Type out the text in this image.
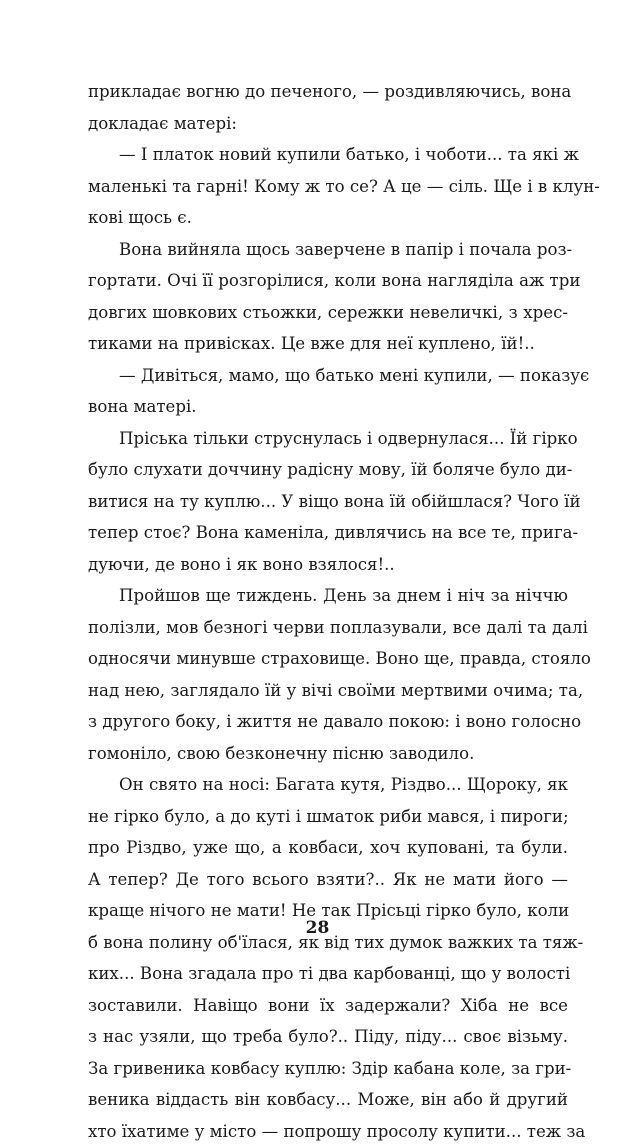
прикладає вогню до печеного, — роздивляючись, вона
докладає матері:
— І платок новий купили батько, і чоботи... та які ж
маленькі та гарні! Кому ж то се? А це — сіль. Ще і в клун-
кові щось є.
Вона вийняла щось заверчене в папір і почала роз-
гортати. Очі її розгорілися, коли вона нагляділа аж три
довгих шовкових стьожки, сережки невеличкі, з хрес-
тиками на привісках. Це вже для неї куплено, їй!..
— Дивіться, мамо, що батько мені купили, — показує
вона матері.
Пріська тільки струснулась і одвернулася... Їй гірко
було слухати доччину радісну мову, їй боляче було ди-
витися на ту куплю... У віщо вона їй обійшлася? Чого їй
тепер стоє? Вона каменіла, дивлячись на все те, пригa-
дуючи, де воно і як воно взялося!..
Пройшов ще тиждень. День за днем і ніч за ніччю
полізли, мов безногі черви поплазували, все далі та далі
односячи минувше страховище. Воно ще, правда, стояло
над нею, заглядало їй у вічі своїми мертвими очима; та,
з другого боку, і життя не давало покою: і воно голосно
гомоніло, свою безконечну пісню заводило.
Он свято на носі: Багата кутя, Різдво... Щороку, як
не гірко було, а до куті і шматок риби мався, і пироги;
про Різдво, уже що, а ковбаси, хоч куповані, та були.
А тепер? Де того всього взяти?.. Як не мати його —
краще нічого не мати! Не так Прісьці гірко було, коли
б вона полину об'їлася, як від тих думок важких та тяж-
ких... Вона згадала про ті два карбованці, що у волості
зоставили. Навіщо вони їх задержали? Хіба не все
з нас узяли, що треба було?.. Піду, піду... своє візьму.
За гривеника ковбасу куплю: Здір кабана коле, за гри-
веника віддасть він ковбасу... Може, він або й другий
хто їхатиме у місто — попрошу просолу купити... теж за
28
